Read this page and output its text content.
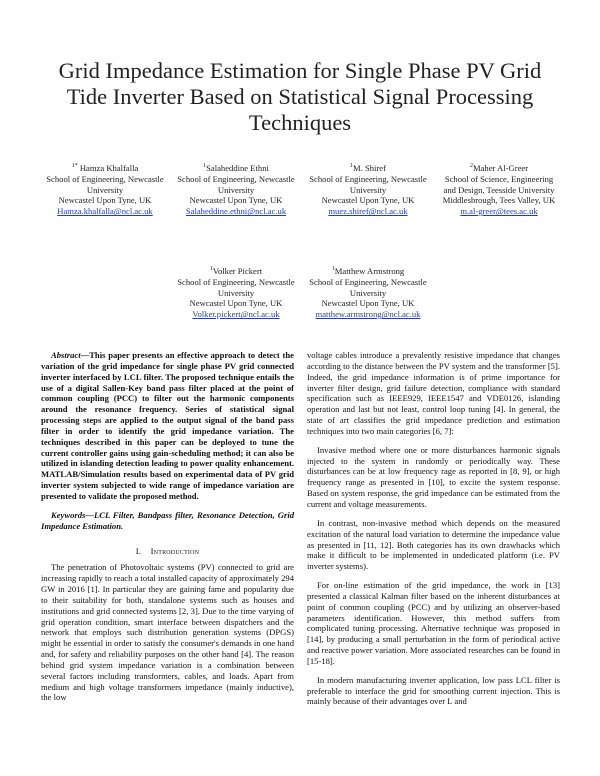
Grid Impedance Estimation for Single Phase PV Grid
Tide Inverter Based on Statistical Signal Processing
Techniques
$^{1*}$ Hamza Khalfalla
School of Engineering, Newcastle
University
Newcastel Upon Tyne, UK
Hamza.khalfalla@ncl.ac.uk
$^1$Salaheddine Ethni
School of Engineering, Newcastle
University
Newcastel Upon Tyne, UK
Salaheddine.ethni@ncl.ac.uk
$^1$M. Shiref
School of Engineering, Newcastle
University
Newcastel Upon Tyne, UK
muez.shiref@ncl.ac.uk
$^2$Maher Al-Greer
School of Science, Engineering
and Design, Teesside University
Middlesbrough, Tees Valley, UK
m.al-greer@tees.ac.uk
$^1$Volker Pickert
School of Engineering, Newcastle
University
Newcastel Upon Tyne, UK
Volker.pickert@ncl.ac.uk
$^1$Matthew Armstrong
School of Engineering, Newcastle
University
Newcastel Upon Tyne, UK
matthew.armstrong@ncl.ac.uk

Abstract—This paper presents an effective approach to detect the variation of the grid impedance for single phase PV grid connected inverter interfaced by LCL filter. The proposed technique entails the use of a digital Sallen-Key band pass filter placed at the point of common coupling (PCC) to filter out the harmonic components around the resonance frequency. Series of statistical signal processing steps are applied to the output signal of the band pass filter in order to identify the grid impedance variation. The techniques described in this paper can be deployed to tune the current controller gains using gain-scheduling method; it can also be utilized in islanding detection leading to power quality enhancement. MATLAB/Simulation results based on experimental data of PV grid inverter system subjected to wide range of impedance variation are presented to validate the proposed method.

Keywords—LCL Filter, Bandpass filter, Resonance Detection, Grid Impedance Estimation.

I. Introduction

The penetration of Photovoltaic systems (PV) connected to grid are increasing rapidly to reach a total installed capacity of approximately 294 GW in 2016 [1]. In particular they are gaining fame and popularity due to their suitability for both, standalone systems such as houses and institutions and grid connected systems [2, 3]. Due to the time varying of grid operation condition, smart interface between dispatchers and the network that employs such distribution generation systems (DPGS) might be essential in order to satisfy the consumer's demands in one hand and, for safety and reliability purposes on the other hand [4]. The reason behind grid system impedance variation is a combination between several factors including transformers, cables, and loads. Apart from medium and high voltage transformers impedance (mainly inductive), the low

voltage cables introduce a prevalently resistive impedance that changes according to the distance between the PV system and the transformer [5]. Indeed, the grid impedance information is of prime importance for inverter filter design, grid failure detection, compliance with standard specification such as IEEE929, IEEE1547 and VDE0126, islanding operation and last but not least, control loop tuning [4]. In general, the state of art classifies the grid impedance prediction and estimation techniques into two main categories [6, 7]:

Invasive method where one or more disturbances harmonic signals injected to the system in randomly or periodically way. These disturbances can be at low frequency rage as reported in [8, 9], or high frequency range as presented in [10], to excite the system response. Based on system response, the grid impedance can be estimated from the current and voltage measurements.

In contrast, non-invasive method which depends on the measured excitation of the natural load variation to determine the impedance value as presented in [11, 12]. Both categories has its own drawbacks which make it difficult to be implemented in undedicated platform (i.e. PV inverter systems).

For on-line estimation of the grid impedance, the work in [13] presented a classical Kalman filter based on the inherent disturbances at point of common coupling (PCC) and by utilizing an observer-based parameters identification. However, this method suffers from complicated tuning processing. Alternative technique was proposed in [14], by producing a small perturbation in the form of periodical active and reactive power variation. More associated researches can be found in [15-18].

In modern manufacturing inverter application, low pass LCL filter is preferable to interface the grid for smoothing current injection. This is mainly because of their advantages over L and
